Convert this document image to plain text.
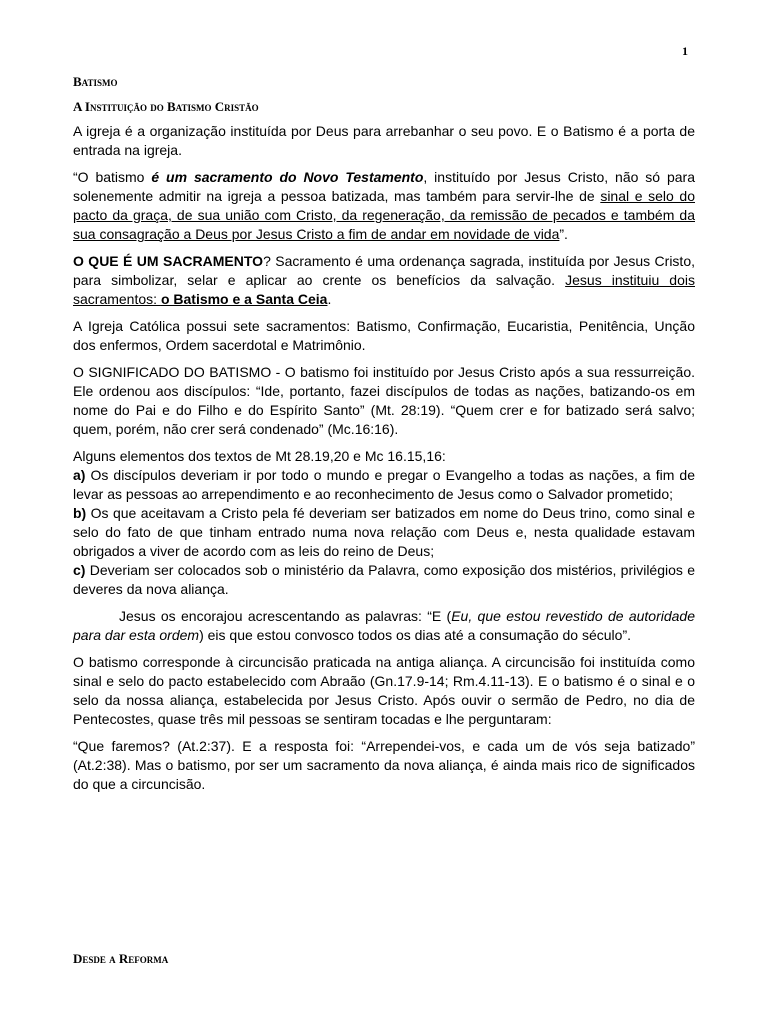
1
Batismo
A Instituição do Batismo Cristão

A igreja é a organização instituída por Deus para arrebanhar o seu povo. E o Batismo é a porta de entrada na igreja.

“O batismo é um sacramento do Novo Testamento, instituído por Jesus Cristo, não só para solenemente admitir na igreja a pessoa batizada, mas também para servir-lhe de sinal e selo do pacto da graça, de sua união com Cristo, da regeneração, da remissão de pecados e também da sua consagração a Deus por Jesus Cristo a fim de andar em novidade de vida”.

O QUE É UM SACRAMENTO? Sacramento é uma ordenança sagrada, instituída por Jesus Cristo, para simbolizar, selar e aplicar ao crente os benefícios da salvação. Jesus instituiu dois sacramentos: o Batismo e a Santa Ceia.

A Igreja Católica possui sete sacramentos: Batismo, Confirmação, Eucaristia, Penitência, Unção dos enfermos, Ordem sacerdotal e Matrimônio.

O SIGNIFICADO DO BATISMO - O batismo foi instituído por Jesus Cristo após a sua ressurreição. Ele ordenou aos discípulos: “Ide, portanto, fazei discípulos de todas as nações, batizando-os em nome do Pai e do Filho e do Espírito Santo” (Mt. 28:19). “Quem crer e for batizado será salvo; quem, porém, não crer será condenado” (Mc.16:16).

Alguns elementos dos textos de Mt 28.19,20 e Mc 16.15,16:
a) Os discípulos deveriam ir por todo o mundo e pregar o Evangelho a todas as nações, a fim de levar as pessoas ao arrependimento e ao reconhecimento de Jesus como o Salvador prometido;
b) Os que aceitavam a Cristo pela fé deveriam ser batizados em nome do Deus trino, como sinal e selo do fato de que tinham entrado numa nova relação com Deus e, nesta qualidade estavam obrigados a viver de acordo com as leis do reino de Deus;
c) Deveriam ser colocados sob o ministério da Palavra, como exposição dos mistérios, privilégios e deveres da nova aliança.

Jesus os encorajou acrescentando as palavras: “E (Eu, que estou revestido de autoridade para dar esta ordem) eis que estou convosco todos os dias até a consumação do século”.

O batismo corresponde à circuncisão praticada na antiga aliança. A circuncisão foi instituída como sinal e selo do pacto estabelecido com Abraão (Gn.17.9-14; Rm.4.11-13). E o batismo é o sinal e o selo da nossa aliança, estabelecida por Jesus Cristo. Após ouvir o sermão de Pedro, no dia de Pentecostes, quase três mil pessoas se sentiram tocadas e lhe perguntaram:

“Que faremos? (At.2:37). E a resposta foi: “Arrependei-vos, e cada um de vós seja batizado” (At.2:38). Mas o batismo, por ser um sacramento da nova aliança, é ainda mais rico de significados do que a circuncisão.

Desde a Reforma
